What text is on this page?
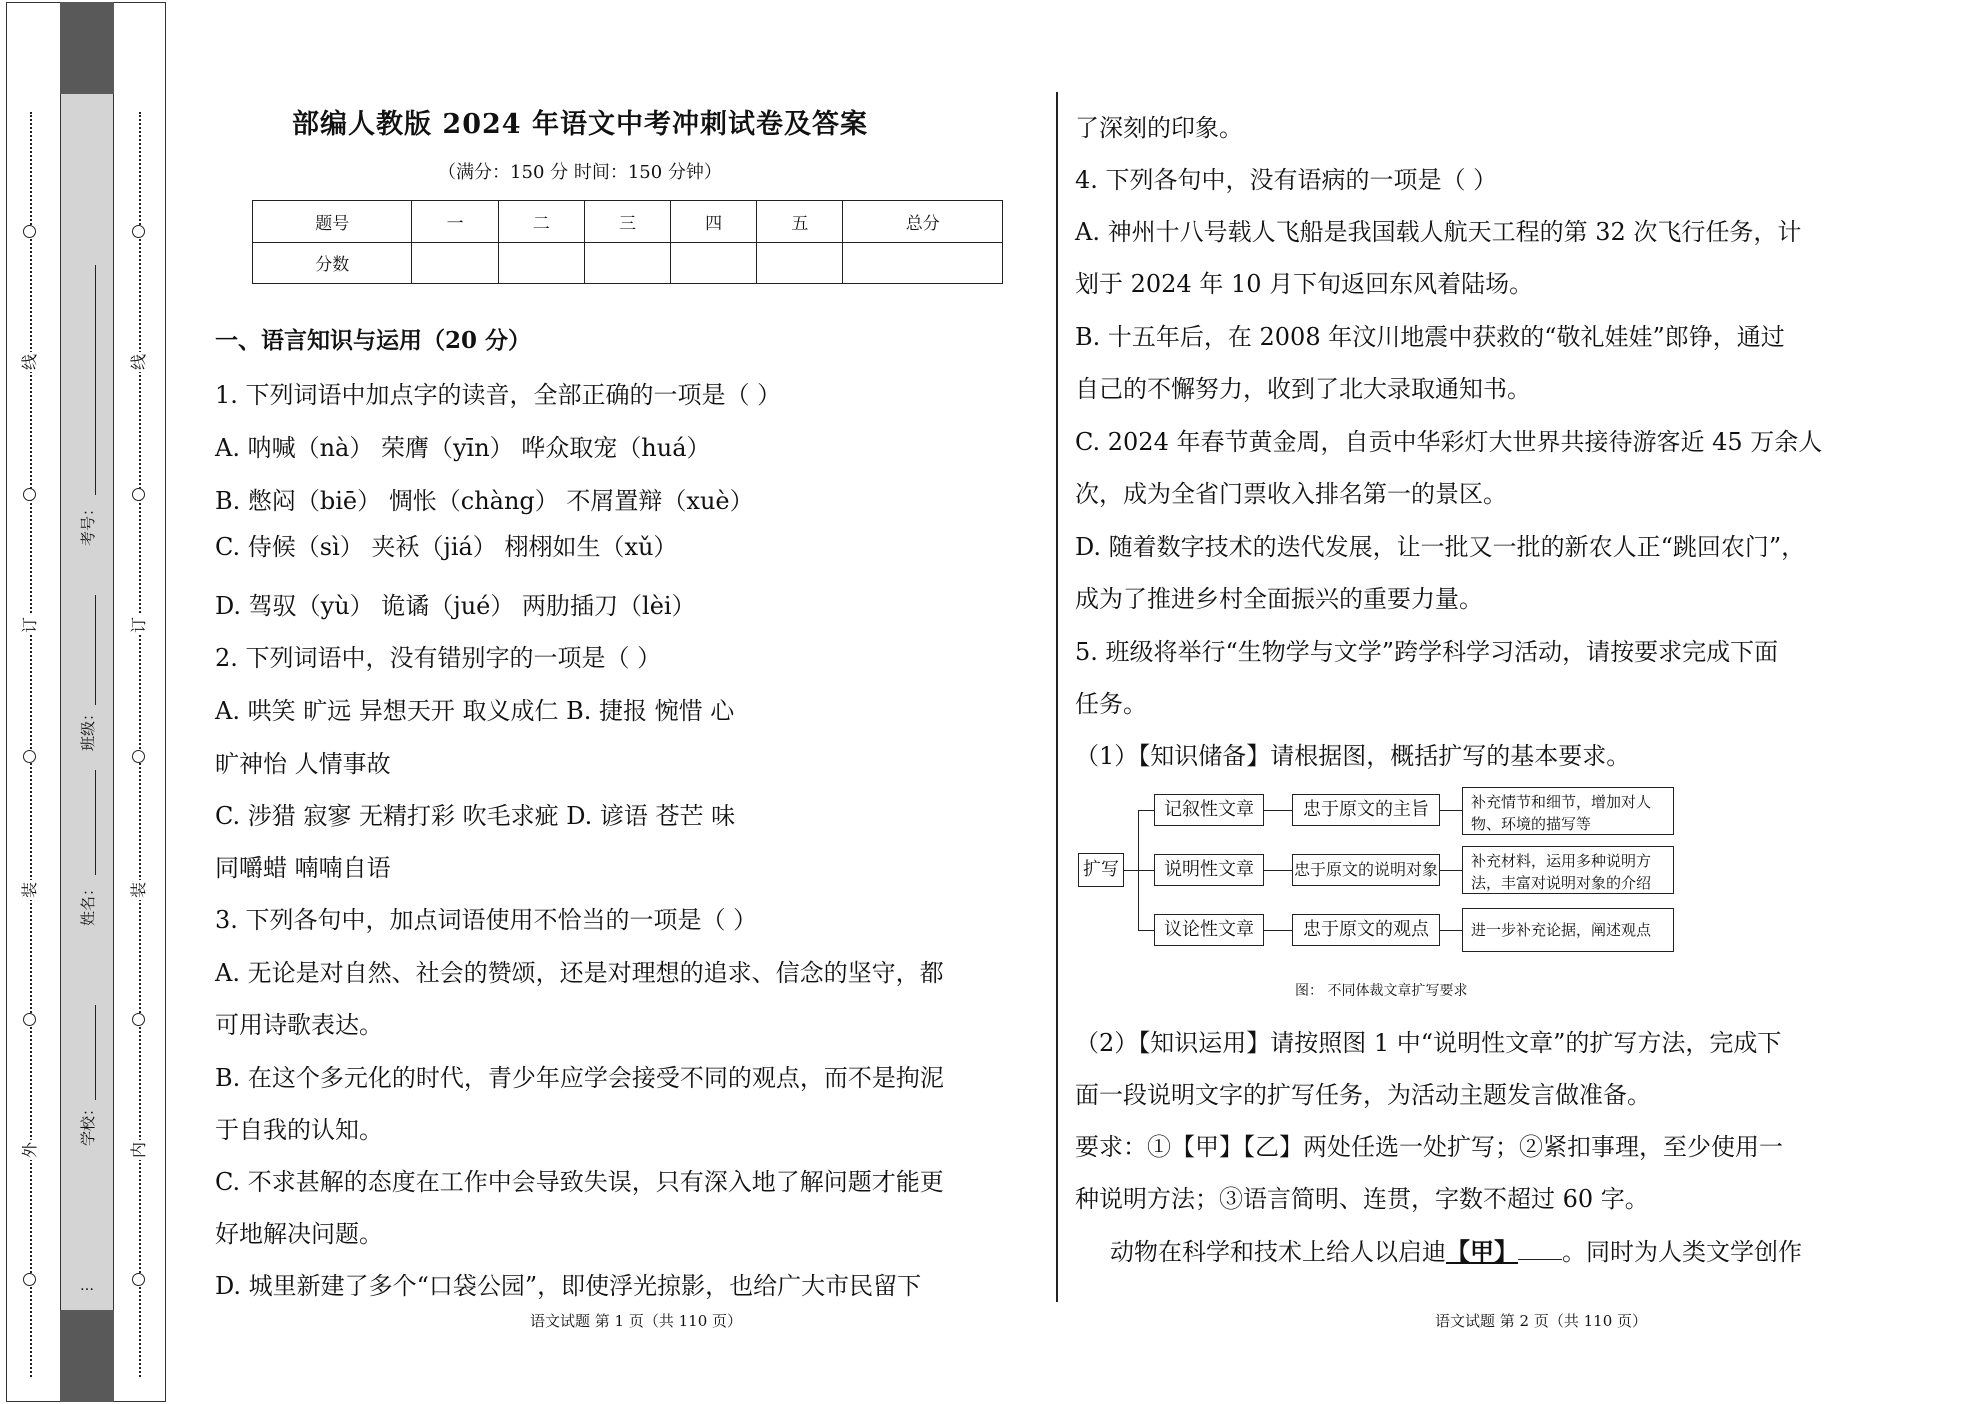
线
订
装
外
线
订
装
内
学校：
姓名：
班级：
考号：
…
部编人教版 2024 年语文中考冲刺试卷及答案
（满分：150 分 时间：150 分钟）
题号	一	二	三	四	五	总分
分数						
一、语言知识与运用（20 分）
1. 下列词语中加点字的读音，全部正确的一项是（ ）
A. 呐喊（nà） 荣膺（yīn） 哗众取宠（huá）
B. 憋闷（biē） 惆怅（chàng） 不屑置辩（xuè）
C. 侍候（sì） 夹袄（jiá） 栩栩如生（xǔ）
D. 驾驭（yù） 诡谲（jué） 两肋插刀（lèi）
2. 下列词语中，没有错别字的一项是（ ）
A. 哄笑 旷远 异想天开 取义成仁 B. 捷报 惋惜 心
旷神怡 人情事故
C. 涉猎 寂寥 无精打彩 吹毛求疵 D. 谚语 苍芒 味
同嚼蜡 喃喃自语
3. 下列各句中，加点词语使用不恰当的一项是（ ）
A. 无论是对自然、社会的赞颂，还是对理想的追求、信念的坚守，都
可用诗歌表达。
B. 在这个多元化的时代，青少年应学会接受不同的观点，而不是拘泥
于自我的认知。
C. 不求甚解的态度在工作中会导致失误，只有深入地了解问题才能更
好地解决问题。
D. 城里新建了多个“口袋公园”，即使浮光掠影，也给广大市民留下
语文试题 第 1 页（共 110 页）
了深刻的印象。
4. 下列各句中，没有语病的一项是（ ）
A. 神州十八号载人飞船是我国载人航天工程的第 32 次飞行任务，计
划于 2024 年 10 月下旬返回东风着陆场。
B. 十五年后，在 2008 年汶川地震中获救的“敬礼娃娃”郎铮，通过
自己的不懈努力，收到了北大录取通知书。
C. 2024 年春节黄金周，自贡中华彩灯大世界共接待游客近 45 万余人
次，成为全省门票收入排名第一的景区。
D. 随着数字技术的迭代发展，让一批又一批的新农人正“跳回农门”，
成为了推进乡村全面振兴的重要力量。
5. 班级将举行“生物学与文学”跨学科学习活动，请按要求完成下面
任务。
（1）【知识储备】请根据图，概括扩写的基本要求。
扩写
记叙性文章	忠于原文的主旨	补充情节和细节，增加对人物、环境的描写等
说明性文章	忠于原文的说明对象	补充材料，运用多种说明方法，丰富对说明对象的介绍
议论性文章	忠于原文的观点	进一步补充论据，阐述观点
图： 不同体裁文章扩写要求
（2）【知识运用】请按照图 1 中“说明性文章”的扩写方法，完成下
面一段说明文字的扩写任务，为活动主题发言做准备。
要求：①【甲】【乙】两处任选一处扩写；②紧扣事理，至少使用一
种说明方法；③语言简明、连贯，字数不超过 60 字。
动物在科学和技术上给人以启迪【甲】 。同时为人类文学创作
语文试题 第 2 页（共 110 页）
